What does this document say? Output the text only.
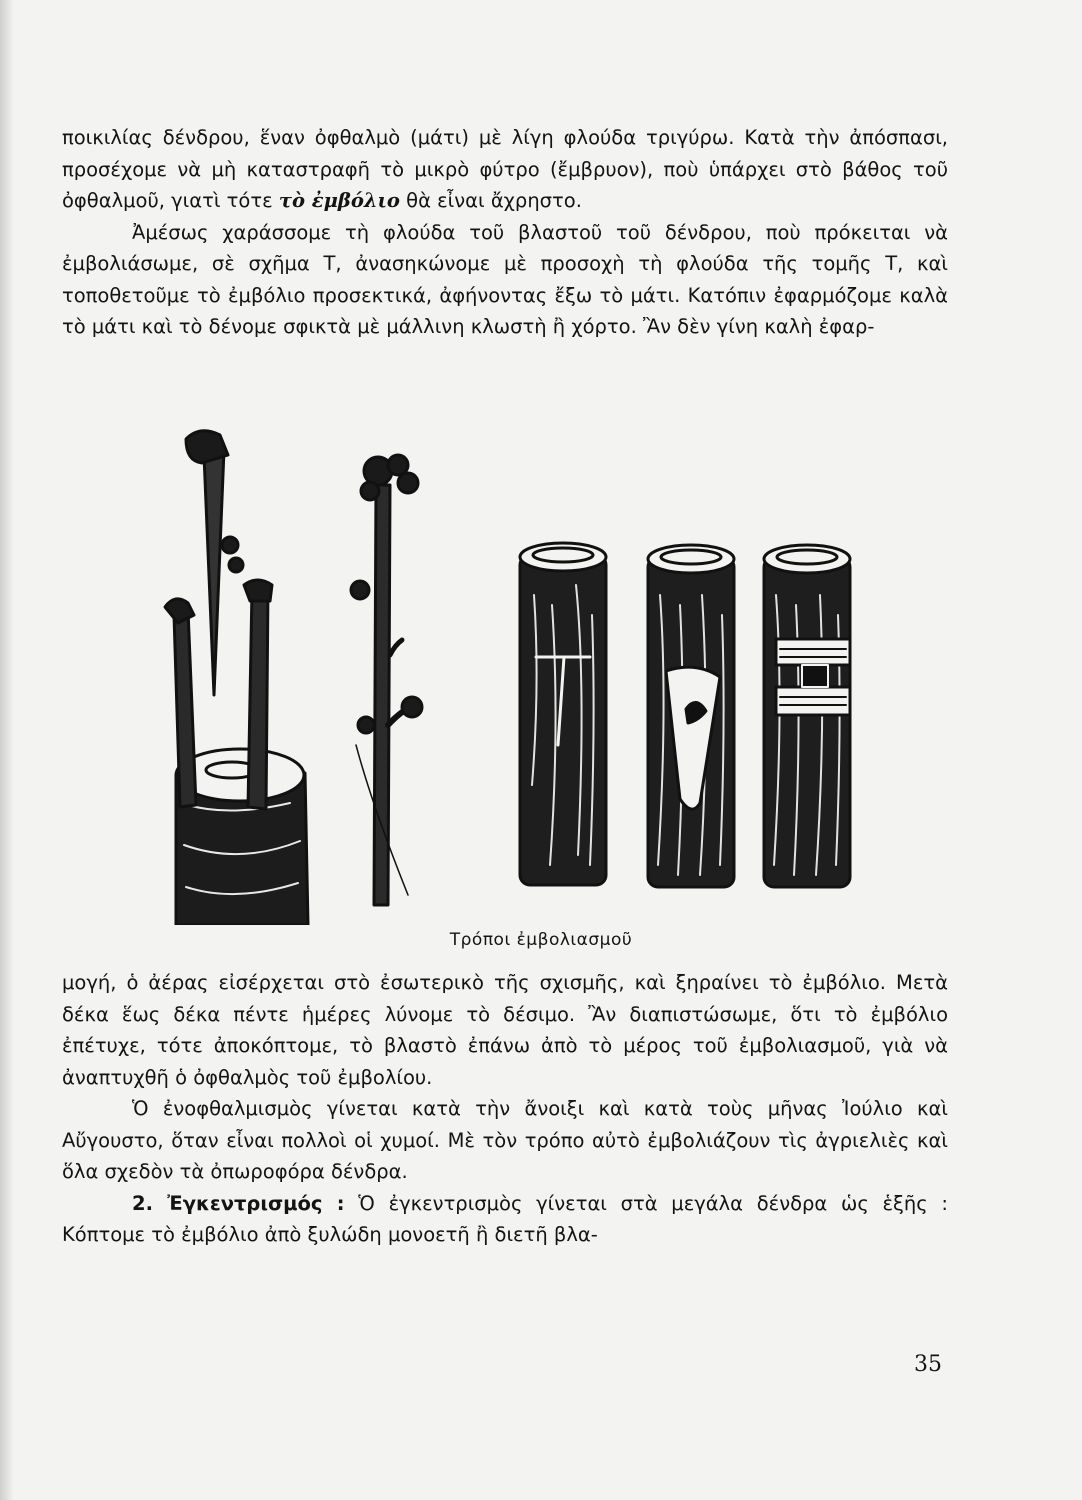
ποικιλίας δένδρου, ἕναν ὀφθαλμὸ (μάτι) μὲ λίγη φλούδα τριγύρω. Κατὰ τὴν ἀπόσπασι, προσέχομε νὰ μὴ καταστραφῆ τὸ μικρὸ φύτρο (ἔμβρυον), ποὺ ὑπάρχει στὸ βάθος τοῦ ὀφθαλμοῦ, γιατὶ τότε τὸ ἐμβόλιο θὰ εἶναι ἄχρηστο.

Ἀμέσως χαράσσομε τὴ φλούδα τοῦ βλαστοῦ τοῦ δένδρου, ποὺ πρόκειται νὰ ἐμβολιάσωμε, σὲ σχῆμα Τ, ἀνασηκώνομε μὲ προσοχὴ τὴ φλούδα τῆς τομῆς Τ, καὶ τοποθετοῦμε τὸ ἐμβόλιο προσεκτικά, ἀφήνοντας ἔξω τὸ μάτι. Κατόπιν ἐφαρμόζομε καλὰ τὸ μάτι καὶ τὸ δένομε σφικτὰ μὲ μάλλινη κλωστὴ ἢ χόρτο. Ἂν δὲν γίνη καλὴ ἐφαρ-

Τρόποι ἐμβολιασμοῦ

μογή, ὁ ἀέρας εἰσέρχεται στὸ ἐσωτερικὸ τῆς σχισμῆς, καὶ ξηραίνει τὸ ἐμβόλιο. Μετὰ δέκα ἕως δέκα πέντε ἡμέρες λύνομε τὸ δέσιμο. Ἂν διαπιστώσωμε, ὅτι τὸ ἐμβόλιο ἐπέτυχε, τότε ἀποκόπτομε, τὸ βλαστὸ ἐπάνω ἀπὸ τὸ μέρος τοῦ ἐμβολιασμοῦ, γιὰ νὰ ἀναπτυχθῆ ὁ ὀφθαλμὸς τοῦ ἐμβολίου.

Ὁ ἐνοφθαλμισμὸς γίνεται κατὰ τὴν ἄνοιξι καὶ κατὰ τοὺς μῆνας Ἰούλιο καὶ Αὔγουστο, ὅταν εἶναι πολλοὶ οἱ χυμοί. Μὲ τὸν τρόπο αὐτὸ ἐμβολιάζουν τὶς ἀγριελιὲς καὶ ὅλα σχεδὸν τὰ ὀπωροφόρα δένδρα.

2. Ἐγκεντρισμός : Ὁ ἐγκεντρισμὸς γίνεται στὰ μεγάλα δένδρα ὡς ἑξῆς : Κόπτομε τὸ ἐμβόλιο ἀπὸ ξυλώδη μονοετῆ ἢ διετῆ βλα-

35
